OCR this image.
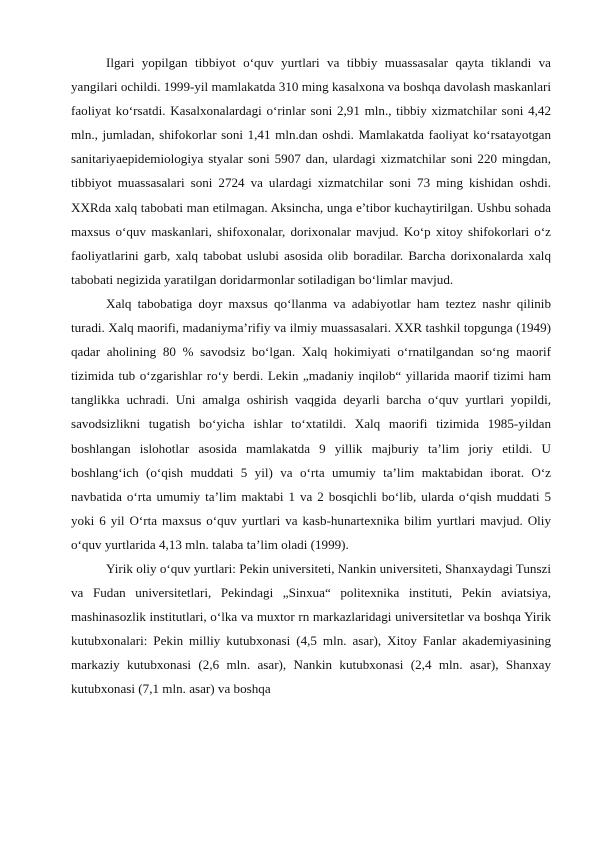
Ilgari yopilgan tibbiyot o‘quv yurtlari va tibbiy muassasalar qayta tiklandi va yangilari ochildi. 1999-yil mamlakatda 310 ming kasalxona va boshqa davolash maskanlari faoliyat ko‘rsatdi. Kasalxonalardagi o‘rinlar soni 2,91 mln., tibbiy xizmatchilar soni 4,42 mln., jumladan, shifokorlar soni 1,41 mln.dan oshdi. Mamlakatda faoliyat ko‘rsatayotgan sanitariyaepidemiologiya styalar soni 5907 dan, ulardagi xizmatchilar soni 220 mingdan, tibbiyot muassasalari soni 2724 va ulardagi xizmatchilar soni 73 ming kishidan oshdi. XXRda xalq tabobati man etilmagan. Aksincha, unga e’tibor kuchaytirilgan. Ushbu sohada maxsus o‘quv maskanlari, shifoxonalar, dorixonalar mavjud. Ko‘p xitoy shifokorlari o‘z faoliyatlarini garb, xalq tabobat uslubi asosida olib boradilar. Barcha dorixonalarda xalq tabobati negizida yaratilgan doridarmonlar sotiladigan bo‘limlar mavjud.

Xalq tabobatiga doyr maxsus qo‘llanma va adabiyotlar ham teztez nashr qilinib turadi. Xalq maorifi, madaniyma’rifiy va ilmiy muassasalari. XXR tashkil topgunga (1949) qadar aholining 80 % savodsiz bo‘lgan. Xalq hokimiyati o‘rnatilgandan so‘ng maorif tizimida tub o‘zgarishlar ro‘y berdi. Lekin „madaniy inqilob“ yillarida maorif tizimi ham tanglikka uchradi. Uni amalga oshirish vaqgida deyarli barcha o‘quv yurtlari yopildi, savodsizlikni tugatish bo‘yicha ishlar to‘xtatildi. Xalq maorifi tizimida 1985-yildan boshlangan islohotlar asosida mamlakatda 9 yillik majburiy ta’lim joriy etildi. U boshlang‘ich (o‘qish muddati 5 yil) va o‘rta umumiy ta’lim maktabidan iborat. O‘z navbatida o‘rta umumiy ta’lim maktabi 1 va 2 bosqichli bo‘lib, ularda o‘qish muddati 5 yoki 6 yil O‘rta maxsus o‘quv yurtlari va kasb-hunartexnika bilim yurtlari mavjud. Oliy o‘quv yurtlarida 4,13 mln. talaba ta’lim oladi (1999).

Yirik oliy o‘quv yurtlari: Pekin universiteti, Nankin universiteti, Shanxaydagi Tunszi va Fudan universitetlari, Pekindagi „Sinxua“ politexnika instituti, Pekin aviatsiya, mashinasozlik institutlari, o‘lka va muxtor rn markazlaridagi universitetlar va boshqa Yirik kutubxonalari: Pekin milliy kutubxonasi (4,5 mln. asar), Xitoy Fanlar akademiyasining markaziy kutubxonasi (2,6 mln. asar), Nankin kutubxonasi (2,4 mln. asar), Shanxay kutubxonasi (7,1 mln. asar) va boshqa
